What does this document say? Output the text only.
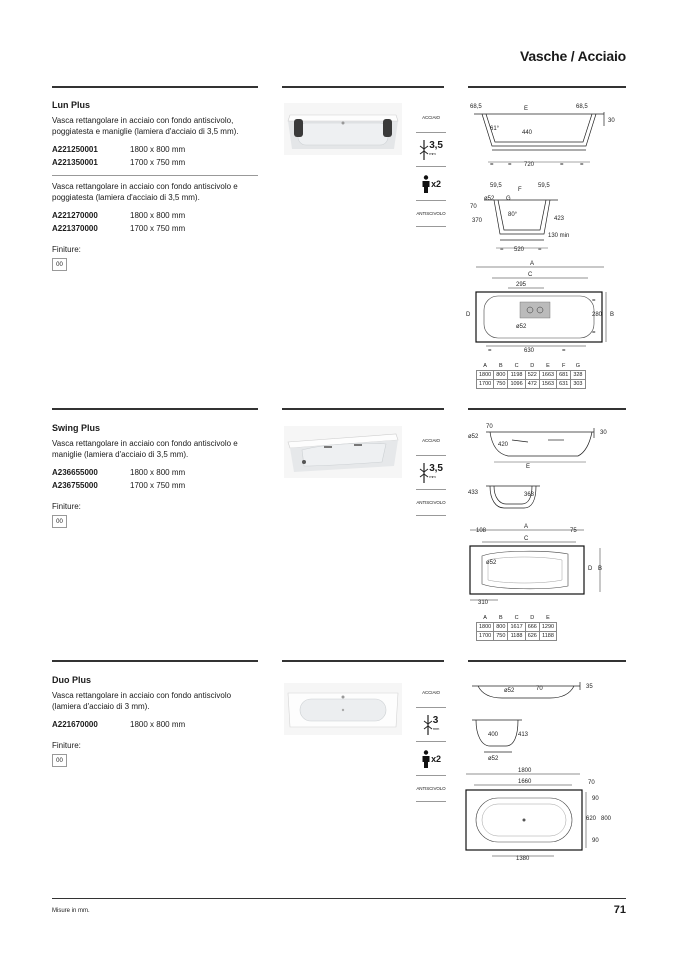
Vasche / Acciaio
Lun Plus
Vasca rettangolare in acciaio con fondo antiscivolo, poggiatesta e maniglie (lamiera d'acciaio di 3,5 mm).
A221250001	1800 x 800 mm
A221350001	1700 x 750 mm
Vasca rettangolare in acciaio con fondo antiscivolo e poggiatesta (lamiera d'acciaio di 3,5 mm).
A221270000	1800 x 800 mm
A221370000	1700 x 750 mm
Finiture:
00
ACCIAIO
3,5
mm
x2
ANTISCIVOLO
68,5	E	68,5
30
61°
440
720
= =	=	=
59,5
F
59,5
ø52 G
70
370
80°
423
520
130 min
=	=
A
C
295
D
ø52
280 B
630
=	=
=
=
A	B	C	D	E	F	G
1800	800	1198	522	1663	681	328
1700	750	1096	472	1563	631	303
Swing Plus
Vasca rettangolare in acciaio con fondo antiscivolo e maniglie (lamiera d'acciaio di 3,5 mm).
A236655000	1800 x 800 mm
A236755000	1700 x 750 mm
Finiture:
00
ACCIAIO
3,5
mm
ANTISCIVOLO
ø52
70
30
420
E
433	363
108
A
75
C
ø52
D B
310
A	B	C	D	E
1800	800	1617	666	1290
1700	750	1188	626	1188
Duo Plus
Vasca rettangolare in acciaio con fondo antiscivolo (lamiera d'acciaio di 3 mm).
A221670000	1800 x 800 mm
Finiture:
00
ACCIAIO
3
mm
x2
ANTISCIVOLO
ø52	70	35
400	413
ø52
1800
1660	70
90
620 800
90
1380
Misure in mm.	71
